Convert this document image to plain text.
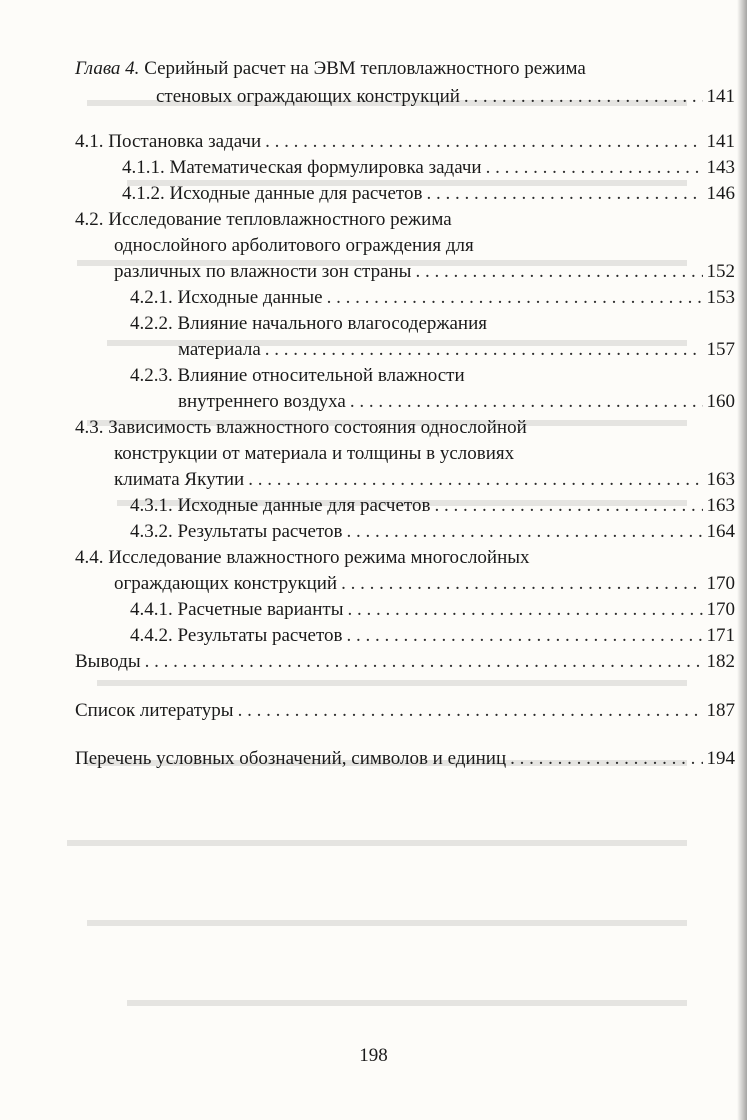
Глава 4. Серийный расчет на ЭВМ тепловлажностного режима
стеновых ограждающих конструкций . . .	141
4.1. Постановка задачи . . .	141
4.1.1. Математическая формулировка задачи . . .	143
4.1.2. Исходные данные для расчетов . . .	146
4.2. Исследование тепловлажностного режима
однослойного арболитового ограждения для
различных по влажности зон страны . . .	152
4.2.1. Исходные данные . . .	153
4.2.2. Влияние начального влагосодержания
материала . . .	157
4.2.3. Влияние относительной влажности
внутреннего воздуха . . .	160
4.3. Зависимость влажностного состояния однослойной
конструкции от материала и толщины в условиях
климата Якутии . . .	163
4.3.1. Исходные данные для расчетов . . .	163
4.3.2. Результаты расчетов . . .	164
4.4. Исследование влажностного режима многослойных
ограждающих конструкций . . .	170
4.4.1. Расчетные варианты . . .	170
4.4.2. Результаты расчетов . . .	171
Выводы . . .	182
Список литературы . . .	187
Перечень условных обозначений, символов и единиц . . .	194
198
